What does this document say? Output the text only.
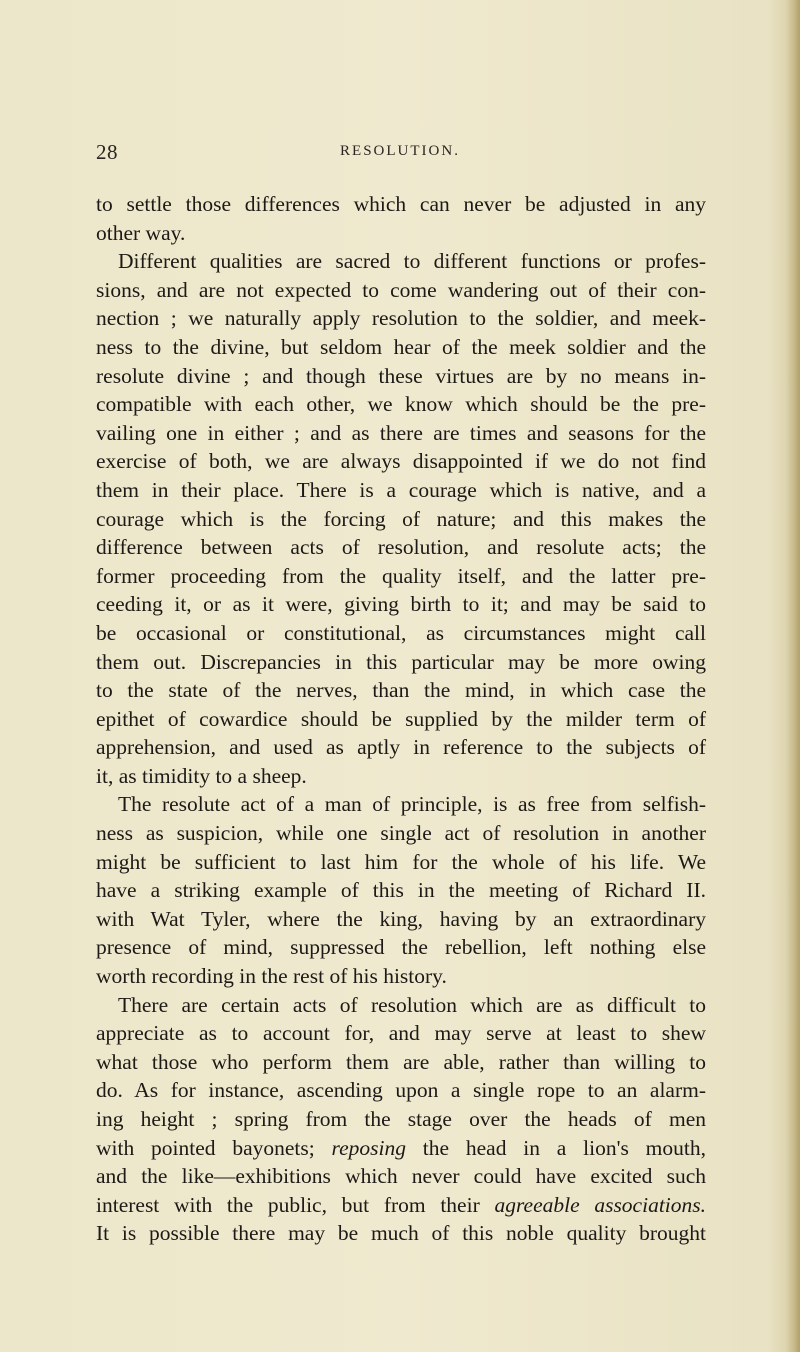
28	RESOLUTION.
to settle those differences which can never be adjusted in any
other way.
Different qualities are sacred to different functions or profes-
sions, and are not expected to come wandering out of their con-
nection ; we naturally apply resolution to the soldier, and meek-
ness to the divine, but seldom hear of the meek soldier and the
resolute divine ; and though these virtues are by no means in-
compatible with each other, we know which should be the pre-
vailing one in either ; and as there are times and seasons for the
exercise of both, we are always disappointed if we do not find
them in their place. There is a courage which is native, and a
courage which is the forcing of nature; and this makes the
difference between acts of resolution, and resolute acts; the
former proceeding from the quality itself, and the latter pre-
ceeding it, or as it were, giving birth to it; and may be said to
be occasional or constitutional, as circumstances might call
them out. Discrepancies in this particular may be more owing
to the state of the nerves, than the mind, in which case the
epithet of cowardice should be supplied by the milder term of
apprehension, and used as aptly in reference to the subjects of
it, as timidity to a sheep.
The resolute act of a man of principle, is as free from selfish-
ness as suspicion, while one single act of resolution in another
might be sufficient to last him for the whole of his life. We
have a striking example of this in the meeting of Richard II.
with Wat Tyler, where the king, having by an extraordinary
presence of mind, suppressed the rebellion, left nothing else
worth recording in the rest of his history.
There are certain acts of resolution which are as difficult to
appreciate as to account for, and may serve at least to shew
what those who perform them are able, rather than willing to
do. As for instance, ascending upon a single rope to an alarm-
ing height ; spring from the stage over the heads of men
with pointed bayonets; reposing the head in a lion's mouth,
and the like—exhibitions which never could have excited such
interest with the public, but from their agreeable associations.
It is possible there may be much of this noble quality brought
